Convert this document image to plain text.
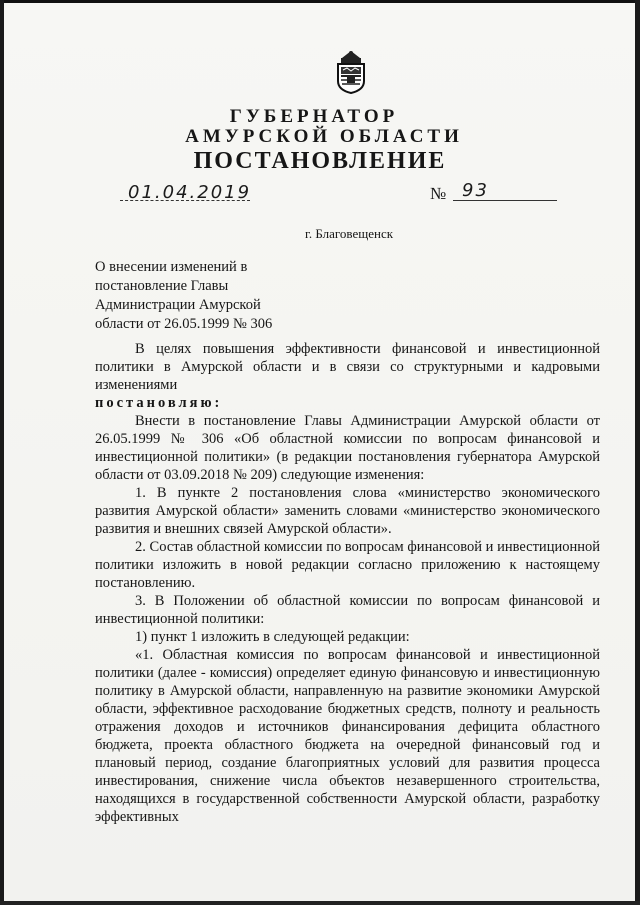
ГУБЕРНАТОР
АМУРСКОЙ ОБЛАСТИ
ПОСТАНОВЛЕНИЕ
01.04.2019	№ 93
г. Благовещенск
О внесении изменений в
постановление Главы
Администрации Амурской
области от 26.05.1999 № 306

В целях повышения эффективности финансовой и инвестиционной политики в Амурской области и в связи со структурными и кадровыми изменениями

постановляю:

Внести в постановление Главы Администрации Амурской области от 26.05.1999 № 306 «Об областной комиссии по вопросам финансовой и инвестиционной политики» (в редакции постановления губернатора Амурской области от 03.09.2018 № 209) следующие изменения:

1. В пункте 2 постановления слова «министерство экономического развития Амурской области» заменить словами «министерство экономического развития и внешних связей Амурской области».

2. Состав областной комиссии по вопросам финансовой и инвестиционной политики изложить в новой редакции согласно приложению к настоящему постановлению.

3. В Положении об областной комиссии по вопросам финансовой и инвестиционной политики:

1) пункт 1 изложить в следующей редакции:

«1. Областная комиссия по вопросам финансовой и инвестиционной политики (далее - комиссия) определяет единую финансовую и инвестиционную политику в Амурской области, направленную на развитие экономики Амурской области, эффективное расходование бюджетных средств, полноту и реальность отражения доходов и источников финансирования дефицита областного бюджета, проекта областного бюджета на очередной финансовый год и плановый период, создание благоприятных условий для развития процесса инвестирования, снижение числа объектов незавершенного строительства, находящихся в государственной собственности Амурской области, разработку эффективных
